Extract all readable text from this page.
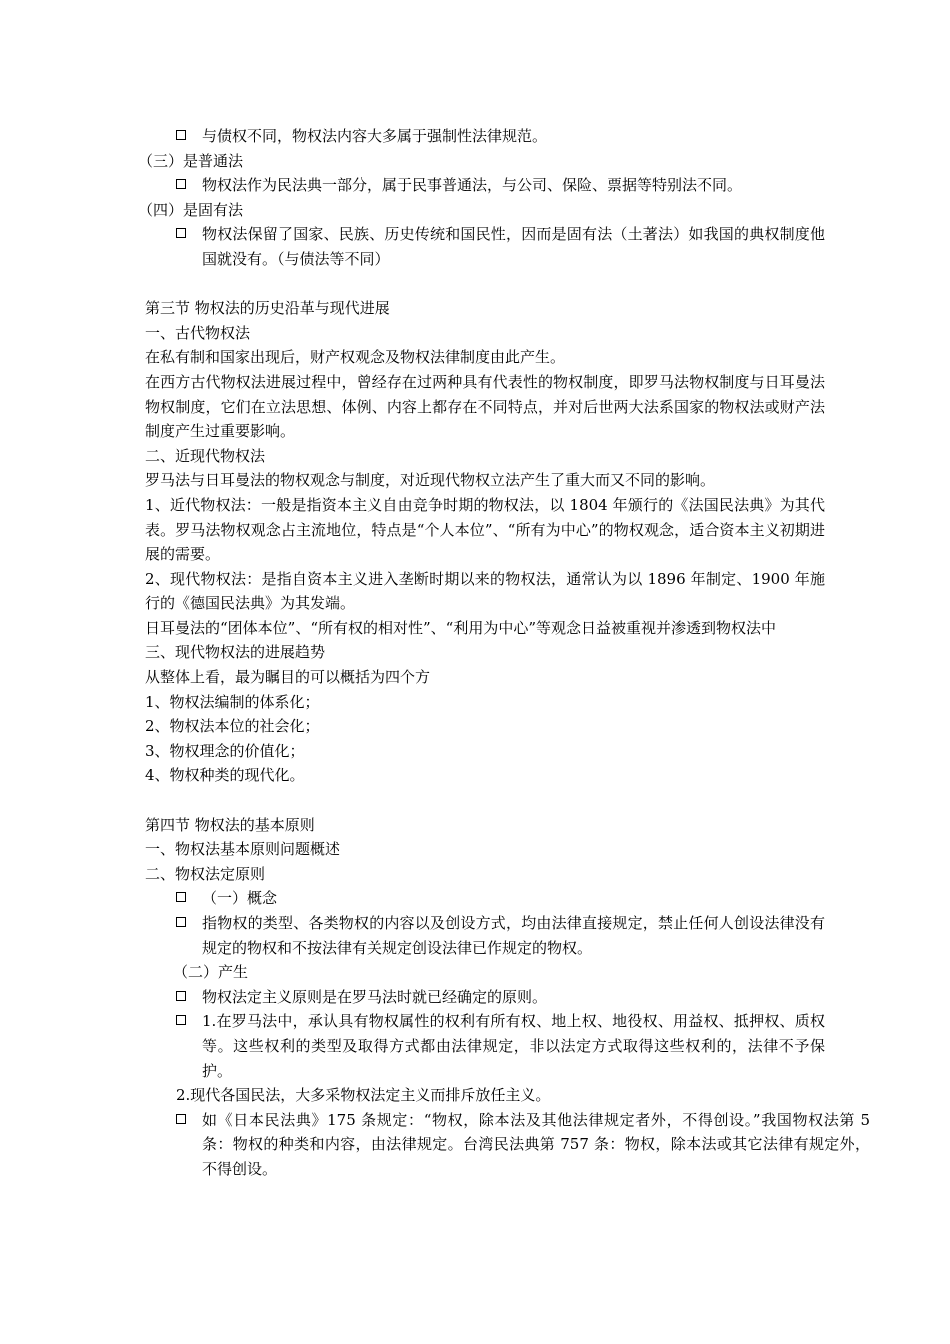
与债权不同，物权法内容大多属于强制性法律规范。
（三）是普通法
物权法作为民法典一部分，属于民事普通法，与公司、保险、票据等特别法不同。
（四）是固有法
物权法保留了国家、民族、历史传统和国民性，因而是固有法（土著法）如我国的典权制度他国就没有。（与债法等不同）
第三节 物权法的历史沿革与现代进展
一、古代物权法
在私有制和国家出现后，财产权观念及物权法律制度由此产生。
在西方古代物权法进展过程中，曾经存在过两种具有代表性的物权制度，即罗马法物权制度与日耳曼法物权制度，它们在立法思想、体例、内容上都存在不同特点，并对后世两大法系国家的物权法或财产法制度产生过重要影响。
二、近现代物权法
罗马法与日耳曼法的物权观念与制度，对近现代物权立法产生了重大而又不同的影响。
1、近代物权法：一般是指资本主义自由竞争时期的物权法，以 1804 年颁行的《法国民法典》为其代表。罗马法物权观念占主流地位，特点是“个人本位”、“所有为中心”的物权观念，适合资本主义初期进展的需要。
2、现代物权法：是指自资本主义进入垄断时期以来的物权法，通常认为以 1896 年制定、1900 年施行的《德国民法典》为其发端。
日耳曼法的“团体本位”、“所有权的相对性”、“利用为中心”等观念日益被重视并渗透到物权法中
三、现代物权法的进展趋势
从整体上看，最为瞩目的可以概括为四个方
1、物权法编制的体系化；
2、物权法本位的社会化；
3、物权理念的价值化；
4、物权种类的现代化。
第四节 物权法的基本原则
一、物权法基本原则问题概述
二、物权法定原则
（一）概念
指物权的类型、各类物权的内容以及创设方式，均由法律直接规定，禁止任何人创设法律没有规定的物权和不按法律有关规定创设法律已作规定的物权。
（二）产生
物权法定主义原则是在罗马法时就已经确定的原则。
1.在罗马法中，承认具有物权属性的权利有所有权、地上权、地役权、用益权、抵押权、质权等。这些权利的类型及取得方式都由法律规定，非以法定方式取得这些权利的，法律不予保护。
2.现代各国民法，大多采物权法定主义而排斥放任主义。
如《日本民法典》175 条规定：“物权，除本法及其他法律规定者外，不得创设。”我国物权法第 5 条：物权的种类和内容，由法律规定。台湾民法典第 757 条：物权，除本法或其它法律有规定外，不得创设。
